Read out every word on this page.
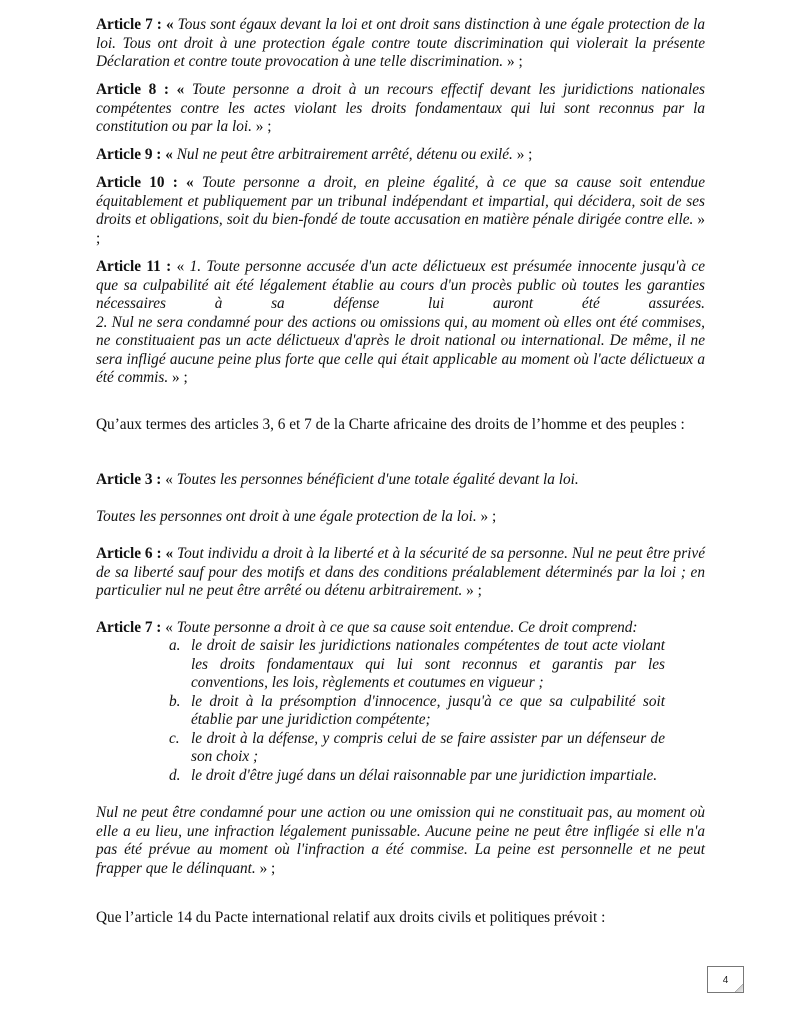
Article 7 : « Tous sont égaux devant la loi et ont droit sans distinction à une égale protection de la loi. Tous ont droit à une protection égale contre toute discrimination qui violerait la présente Déclaration et contre toute provocation à une telle discrimination. » ;

Article 8 : « Toute personne a droit à un recours effectif devant les juridictions nationales compétentes contre les actes violant les droits fondamentaux qui lui sont reconnus par la constitution ou par la loi. » ;

Article 9 : « Nul ne peut être arbitrairement arrêté, détenu ou exilé. » ;

Article 10 : « Toute personne a droit, en pleine égalité, à ce que sa cause soit entendue équitablement et publiquement par un tribunal indépendant et impartial, qui décidera, soit de ses droits et obligations, soit du bien-fondé de toute accusation en matière pénale dirigée contre elle. » ;

Article 11 : « 1. Toute personne accusée d'un acte délictueux est présumée innocente jusqu'à ce que sa culpabilité ait été légalement établie au cours d'un procès public où toutes les garanties nécessaires à sa défense lui auront été assurées.
2. Nul ne sera condamné pour des actions ou omissions qui, au moment où elles ont été commises, ne constituaient pas un acte délictueux d'après le droit national ou international. De même, il ne sera infligé aucune peine plus forte que celle qui était applicable au moment où l'acte délictueux a été commis. » ;

Qu’aux termes des articles 3, 6 et 7 de la Charte africaine des droits de l’homme et des peuples :

Article 3 : « Toutes les personnes bénéficient d'une totale égalité devant la loi.

Toutes les personnes ont droit à une égale protection de la loi. » ;

Article 6 : « Tout individu a droit à la liberté et à la sécurité de sa personne. Nul ne peut être privé de sa liberté sauf pour des motifs et dans des conditions préalablement déterminés par la loi ; en particulier nul ne peut être arrêté ou détenu arbitrairement. » ;

Article 7 : « Toute personne a droit à ce que sa cause soit entendue. Ce droit comprend:

a. le droit de saisir les juridictions nationales compétentes de tout acte violant les droits fondamentaux qui lui sont reconnus et garantis par les conventions, les lois, règlements et coutumes en vigueur ;
b. le droit à la présomption d'innocence, jusqu'à ce que sa culpabilité soit établie par une juridiction compétente;
c. le droit à la défense, y compris celui de se faire assister par un défenseur de son choix ;
d. le droit d'être jugé dans un délai raisonnable par une juridiction impartiale.

Nul ne peut être condamné pour une action ou une omission qui ne constituait pas, au moment où elle a eu lieu, une infraction légalement punissable. Aucune peine ne peut être infligée si elle n'a pas été prévue au moment où l'infraction a été commise. La peine est personnelle et ne peut frapper que le délinquant. » ;

Que l’article 14 du Pacte international relatif aux droits civils et politiques prévoit :

4
